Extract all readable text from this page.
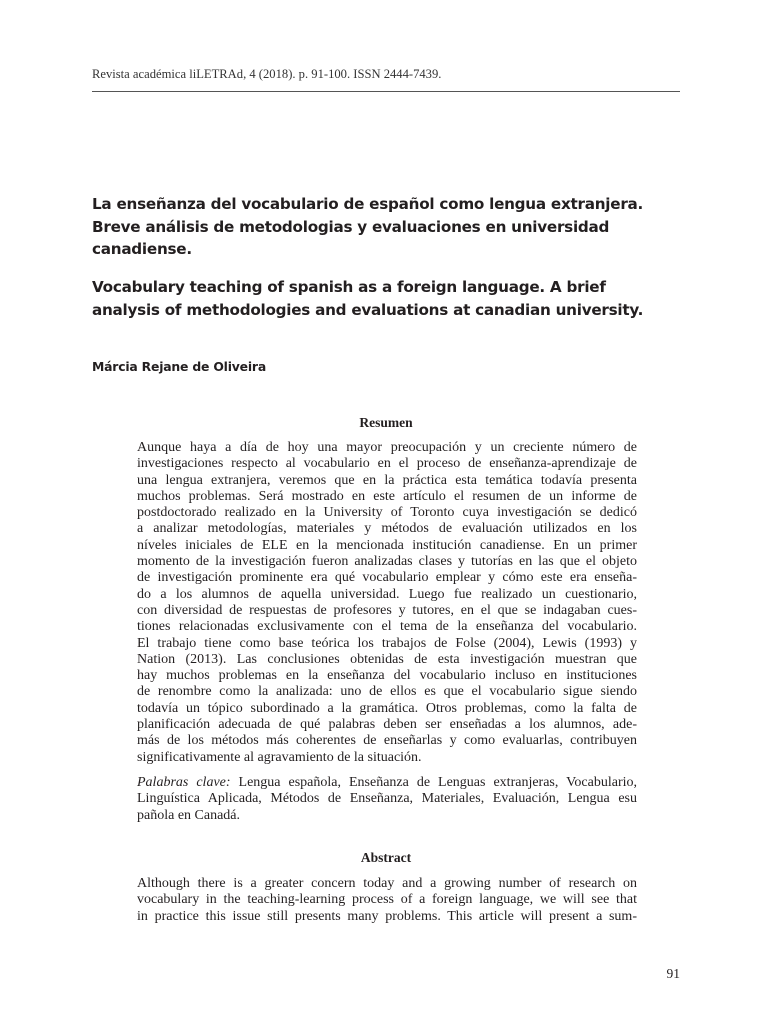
Revista académica liLETRAd, 4 (2018). p. 91-100. ISSN 2444-7439.
La enseñanza del vocabulario de español como lengua extranjera.
Breve análisis de metodologias y evaluaciones en universidad
canadiense.
Vocabulary teaching of spanish as a foreign language. A brief
analysis of methodologies and evaluations at canadian university.
Márcia Rejane de Oliveira
Resumen
Aunque haya a día de hoy una mayor preocupación y un creciente número de
investigaciones respecto al vocabulario en el proceso de enseñanza-aprendizaje de
una lengua extranjera, veremos que en la práctica esta temática todavía presenta
muchos problemas. Será mostrado en este artículo el resumen de un informe de
postdoctorado realizado en la University of Toronto cuya investigación se dedicó
a analizar metodologías, materiales y métodos de evaluación utilizados en los
níveles iniciales de ELE en la mencionada institución canadiense. En un primer
momento de la investigación fueron analizadas clases y tutorías en las que el objeto
de investigación prominente era qué vocabulario emplear y cómo este era enseña-
do a los alumnos de aquella universidad. Luego fue realizado un cuestionario,
con diversidad de respuestas de profesores y tutores, en el que se indagaban cues-
tiones relacionadas exclusivamente con el tema de la enseñanza del vocabulario.
El trabajo tiene como base teórica los trabajos de Folse (2004), Lewis (1993) y
Nation (2013). Las conclusiones obtenidas de esta investigación muestran que
hay muchos problemas en la enseñanza del vocabulario incluso en instituciones
de renombre como la analizada: uno de ellos es que el vocabulario sigue siendo
todavía un tópico subordinado a la gramática. Otros problemas, como la falta de
planificación adecuada de qué palabras deben ser enseñadas a los alumnos, ade-
más de los métodos más coherentes de enseñarlas y como evaluarlas, contribuyen
significativamente al agravamiento de la situación.
Palabras clave: Lengua española, Enseñanza de Lenguas extranjeras, Vocabulario,
Linguística Aplicada, Métodos de Enseñanza, Materiales, Evaluación, Lengua esu
pañola en Canadá.
Abstract
Although there is a greater concern today and a growing number of research on
vocabulary in the teaching-learning process of a foreign language, we will see that
in practice this issue still presents many problems. This article will present a sum-
91
